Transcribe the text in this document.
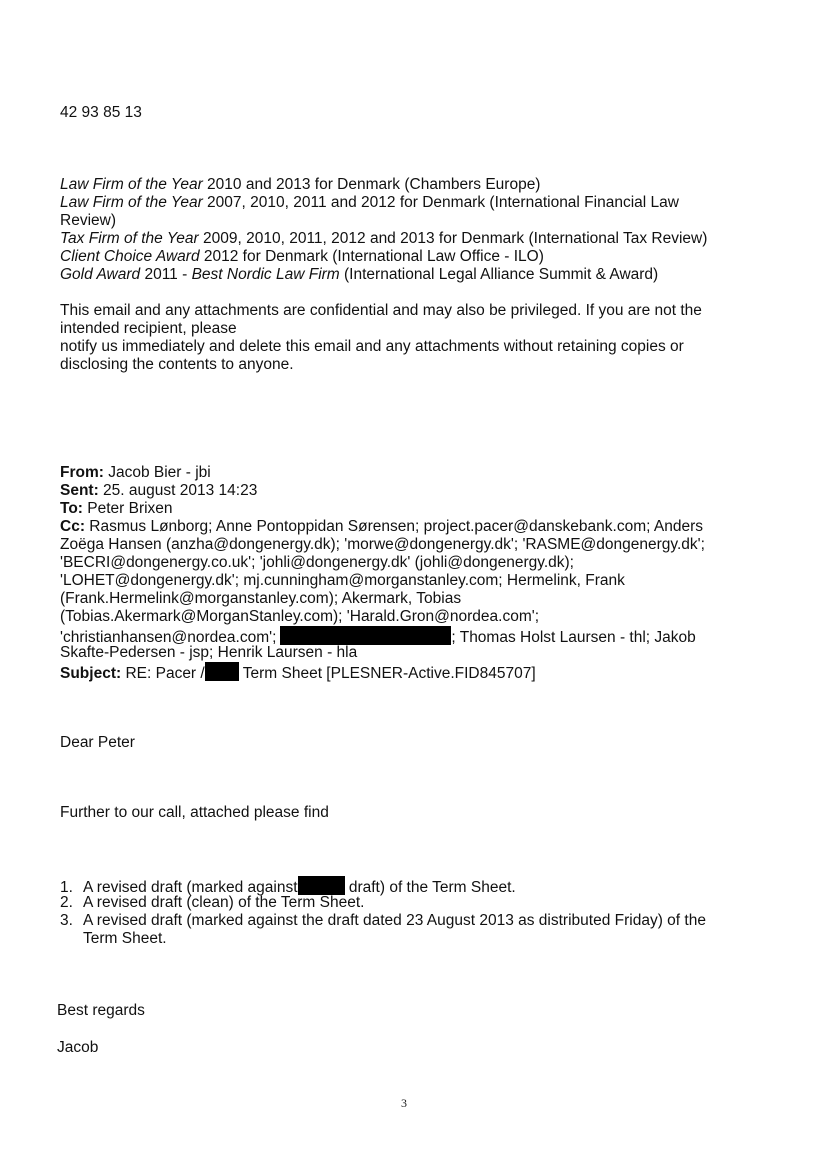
42 93 85 13
Law Firm of the Year 2010 and 2013 for Denmark (Chambers Europe)
Law Firm of the Year 2007, 2010, 2011 and 2012 for Denmark (International Financial Law
Review)
Tax Firm of the Year 2009, 2010, 2011, 2012 and 2013 for Denmark (International Tax Review)
Client Choice Award 2012 for Denmark (International Law Office - ILO)
Gold Award 2011 - Best Nordic Law Firm (International Legal Alliance Summit & Award)
This email and any attachments are confidential and may also be privileged. If you are not the
intended recipient, please
notify us immediately and delete this email and any attachments without retaining copies or
disclosing the contents to anyone.
From: Jacob Bier - jbi
Sent: 25. august 2013 14:23
To: Peter Brixen
Cc: Rasmus Lønborg; Anne Pontoppidan Sørensen; project.pacer@danskebank.com; Anders
Zoëga Hansen (anzha@dongenergy.dk); 'morwe@dongenergy.dk'; 'RASME@dongenergy.dk';
'BECRI@dongenergy.co.uk'; 'johli@dongenergy.dk' (johli@dongenergy.dk);
'LOHET@dongenergy.dk'; mj.cunningham@morganstanley.com; Hermelink, Frank
(Frank.Hermelink@morganstanley.com); Akermark, Tobias
(Tobias.Akermark@MorganStanley.com); 'Harald.Gron@nordea.com';
'christianhansen@nordea.com';	; Thomas Holst Laursen - thl; Jakob
Skafte-Pedersen - jsp; Henrik Laursen - hla
Subject: RE: Pacer / Term Sheet [PLESNER-Active.FID845707]
Dear Peter
Further to our call, attached please find
1. A revised draft (marked against	draft) of the Term Sheet.
2. A revised draft (clean) of the Term Sheet.
3. A revised draft (marked against the draft dated 23 August 2013 as distributed Friday) of the
Term Sheet.
Best regards
Jacob
3
